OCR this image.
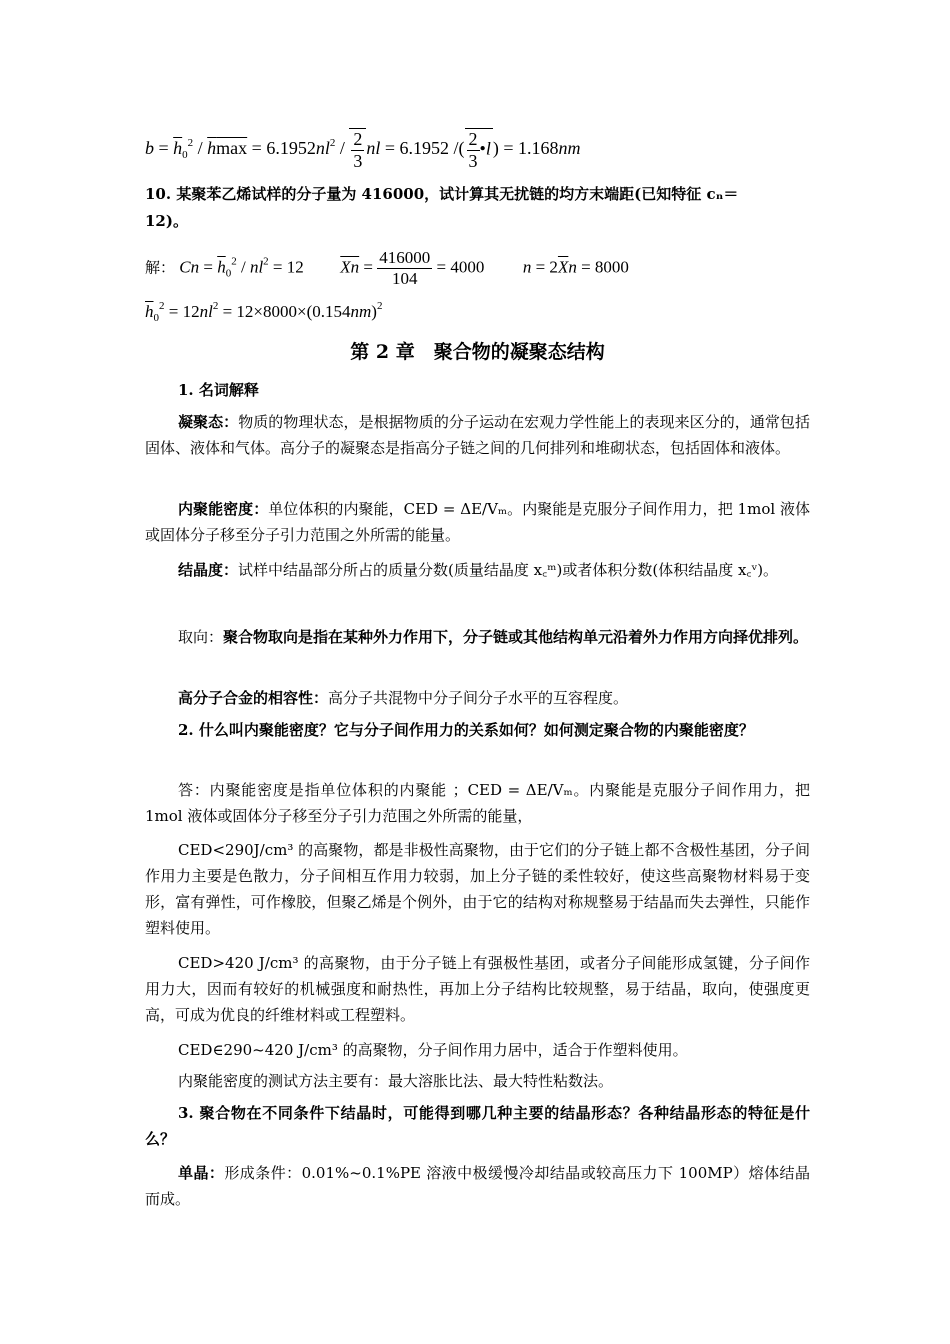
$b = \overline{h}_0^2 / hmax = 6.1952nl^2 / \frac{2}{3}$ nl = 6.1952 /( $\frac{2}{3}$ •l ) = 1.168nm
10. 某聚苯乙烯试样的分子量为 416000，试计算其无扰链的均方末端距(已知特征 cₙ＝
12)。
解： $Cn = \overline{h}_0^2 / nl^2 = 12$  $\overline{Xn} = \frac{416000}{104} = 4000$ $n = 2\overline{X}n = 8000$
$\overline{h}_0^2 = 12nl^2 = 12\times 8000\times(0.154nm)^2$
第 2 章　聚合物的凝聚态结构
1. 名词解释
凝聚态：物质的物理状态，是根据物质的分子运动在宏观力学性能上的表现来区分的，通常包括固体、液体和气体。高分子的凝聚态是指高分子链之间的几何排列和堆砌状态，包括固体和液体。
内聚能密度：单位体积的内聚能，CED = ΔE/Vₘ。内聚能是克服分子间作用力，把 1mol 液体或固体分子移至分子引力范围之外所需的能量。
结晶度：试样中结晶部分所占的质量分数(质量结晶度 x꜀ᵐ)或者体积分数(体积结晶度 x꜀ᵛ)。
取向：聚合物取向是指在某种外力作用下，分子链或其他结构单元沿着外力作用方向择优排列。
高分子合金的相容性：高分子共混物中分子间分子水平的互容程度。
2. 什么叫内聚能密度？它与分子间作用力的关系如何？如何测定聚合物的内聚能密度？
答：内聚能密度是指单位体积的内聚能 ；CED = ΔE/Vₘ。内聚能是克服分子间作用力，把 1mol 液体或固体分子移至分子引力范围之外所需的能量，
CED<290J/cm³ 的高聚物，都是非极性高聚物，由于它们的分子链上都不含极性基团，分子间作用力主要是色散力，分子间相互作用力较弱，加上分子链的柔性较好，使这些高聚物材料易于变形，富有弹性，可作橡胶，但聚乙烯是个例外，由于它的结构对称规整易于结晶而失去弹性，只能作塑料使用。
CED>420 J/cm³ 的高聚物，由于分子链上有强极性基团，或者分子间能形成氢键，分子间作用力大，因而有较好的机械强度和耐热性，再加上分子结构比较规整，易于结晶，取向，使强度更高，可成为优良的纤维材料或工程塑料。
CED∈290~420 J/cm³ 的高聚物，分子间作用力居中，适合于作塑料使用。
内聚能密度的测试方法主要有：最大溶胀比法、最大特性粘数法。
3. 聚合物在不同条件下结晶时，可能得到哪几种主要的结晶形态？各种结晶形态的特征是什么？
单晶：形成条件：0.01%~0.1%PE 溶液中极缓慢冷却结晶或较高压力下 100MP）熔体结晶而成。
